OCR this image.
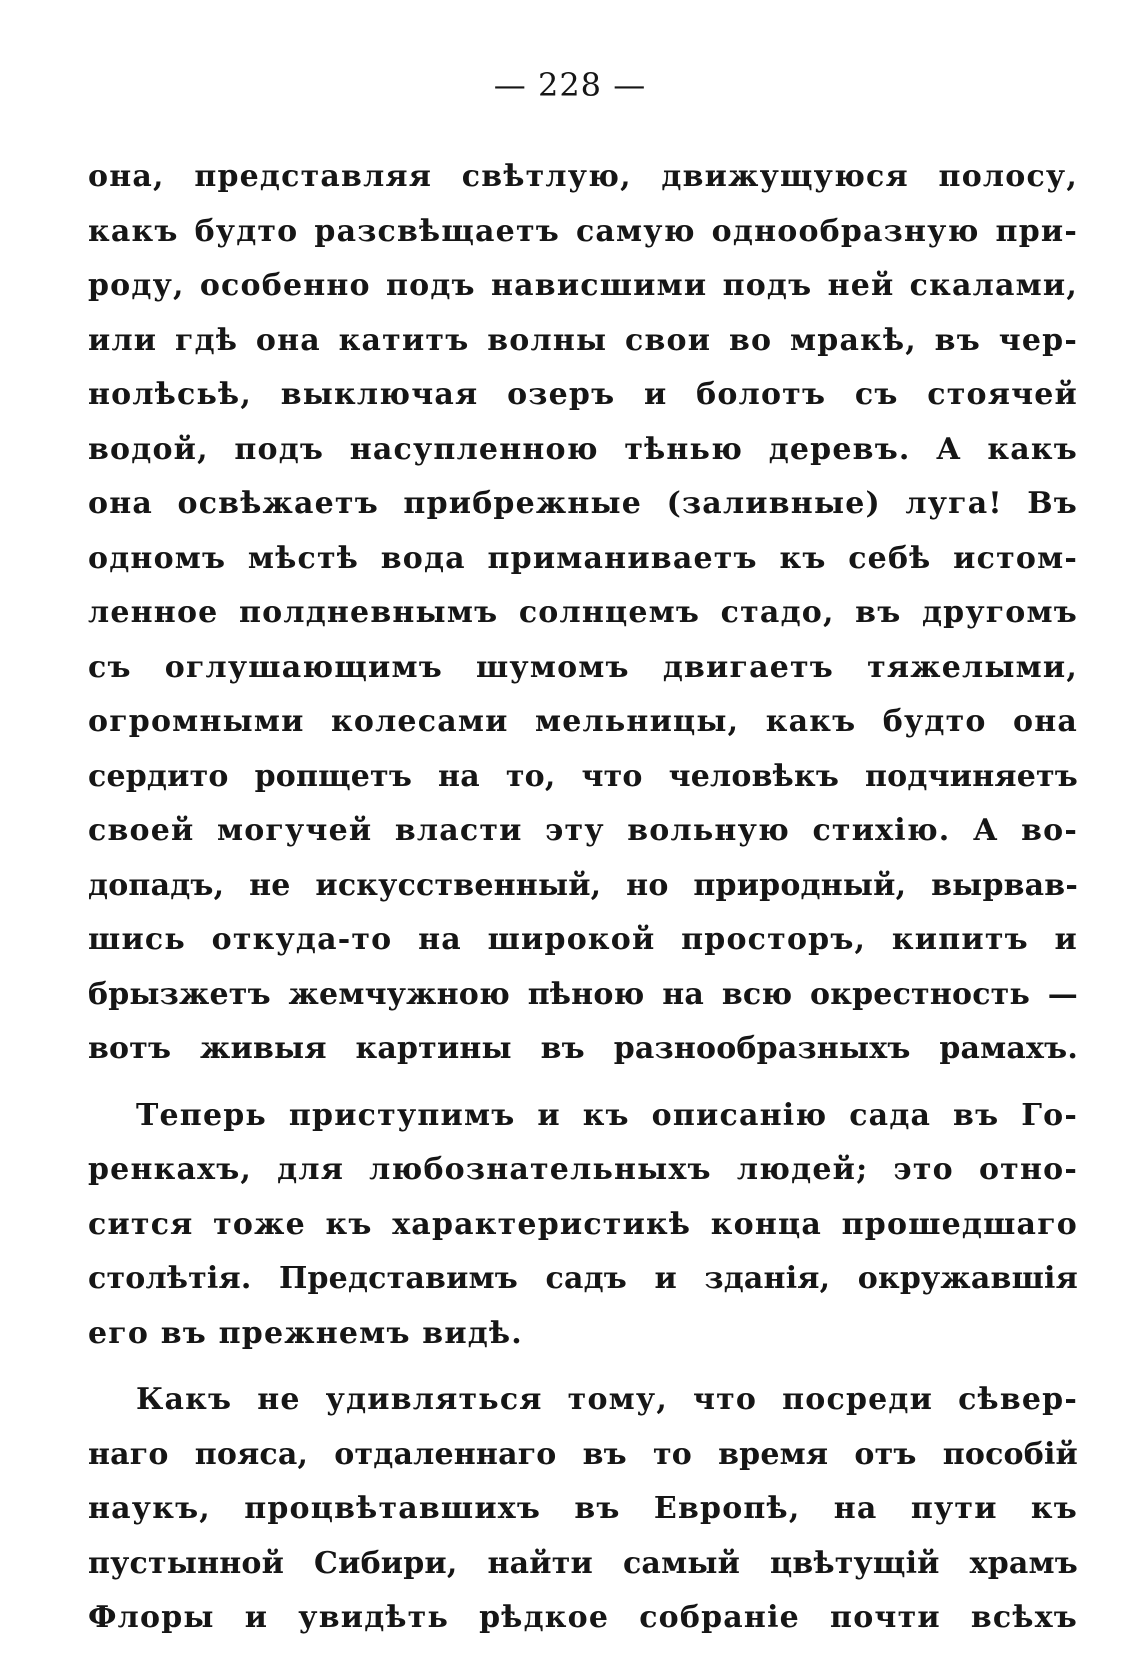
— 228 —
она, представляя свѣтлую, движущуюся полосу,
какъ будто разсвѣщаетъ самую однообразную при-
роду, особенно подъ нависшими подъ ней скалами,
или гдѣ она катитъ волны свои во мракѣ, въ чер-
нолѣсьѣ, выключая озеръ и болотъ съ стоячей
водой, подъ насупленною тѣнью деревъ. А какъ
она освѣжаетъ прибрежные (заливные) луга! Въ
одномъ мѣстѣ вода приманиваетъ къ себѣ истом-
ленное полдневнымъ солнцемъ стадо, въ другомъ
съ оглушающимъ шумомъ двигаетъ тяжелыми,
огромными колесами мельницы, какъ будто она
сердито ропщетъ на то, что человѣкъ подчиняетъ
своей могучей власти эту вольную стихiю. А во-
допадъ, не искусственный, но природный, вырвав-
шись откуда-то на широкой просторъ, кипитъ и
брызжетъ жемчужною пѣною на всю окрестность —
вотъ живыя картины въ разнообразныхъ рамахъ.
Теперь приступимъ и къ описанiю сада въ Го-
ренкахъ, для любознательныхъ людей; это отно-
сится тоже къ характеристикѣ конца прошедшаго
столѣтiя. Представимъ садъ и зданiя, окружавшiя
его въ прежнемъ видѣ.
Какъ не удивляться тому, что посреди сѣвер-
наго пояса, отдаленнаго въ то время отъ пособiй
наукъ, процвѣтавшихъ въ Европѣ, на пути къ
пустынной Сибири, найти самый цвѣтущiй храмъ
Флоры и увидѣть рѣдкое собранiе почти всѣхъ
